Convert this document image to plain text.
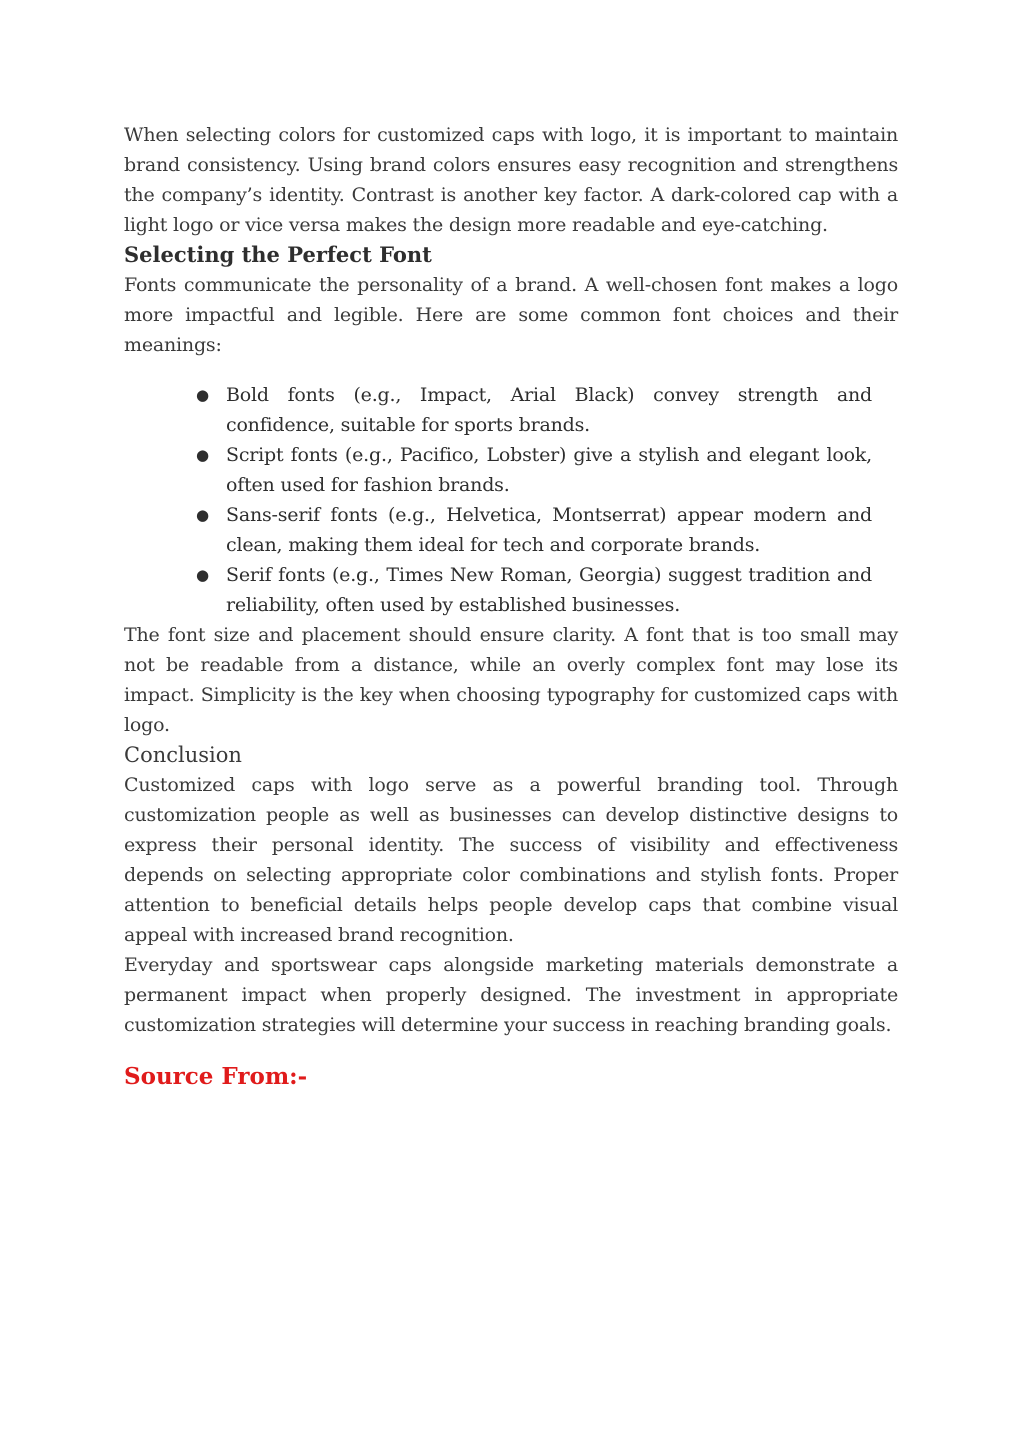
When selecting colors for customized caps with logo, it is important to maintain brand consistency. Using brand colors ensures easy recognition and strengthens the company’s identity. Contrast is another key factor. A dark-colored cap with a light logo or vice versa makes the design more readable and eye-catching.

Selecting the Perfect Font

Fonts communicate the personality of a brand. A well-chosen font makes a logo more impactful and legible. Here are some common font choices and their meanings:

● Bold fonts (e.g., Impact, Arial Black) convey strength and confidence, suitable for sports brands.
● Script fonts (e.g., Pacifico, Lobster) give a stylish and elegant look, often used for fashion brands.
● Sans-serif fonts (e.g., Helvetica, Montserrat) appear modern and clean, making them ideal for tech and corporate brands.
● Serif fonts (e.g., Times New Roman, Georgia) suggest tradition and reliability, often used by established businesses.

The font size and placement should ensure clarity. A font that is too small may not be readable from a distance, while an overly complex font may lose its impact. Simplicity is the key when choosing typography for customized caps with logo.

Conclusion

Customized caps with logo serve as a powerful branding tool. Through customization people as well as businesses can develop distinctive designs to express their personal identity. The success of visibility and effectiveness depends on selecting appropriate color combinations and stylish fonts. Proper attention to beneficial details helps people develop caps that combine visual appeal with increased brand recognition.

Everyday and sportswear caps alongside marketing materials demonstrate a permanent impact when properly designed. The investment in appropriate customization strategies will determine your success in reaching branding goals.

Source From:-
